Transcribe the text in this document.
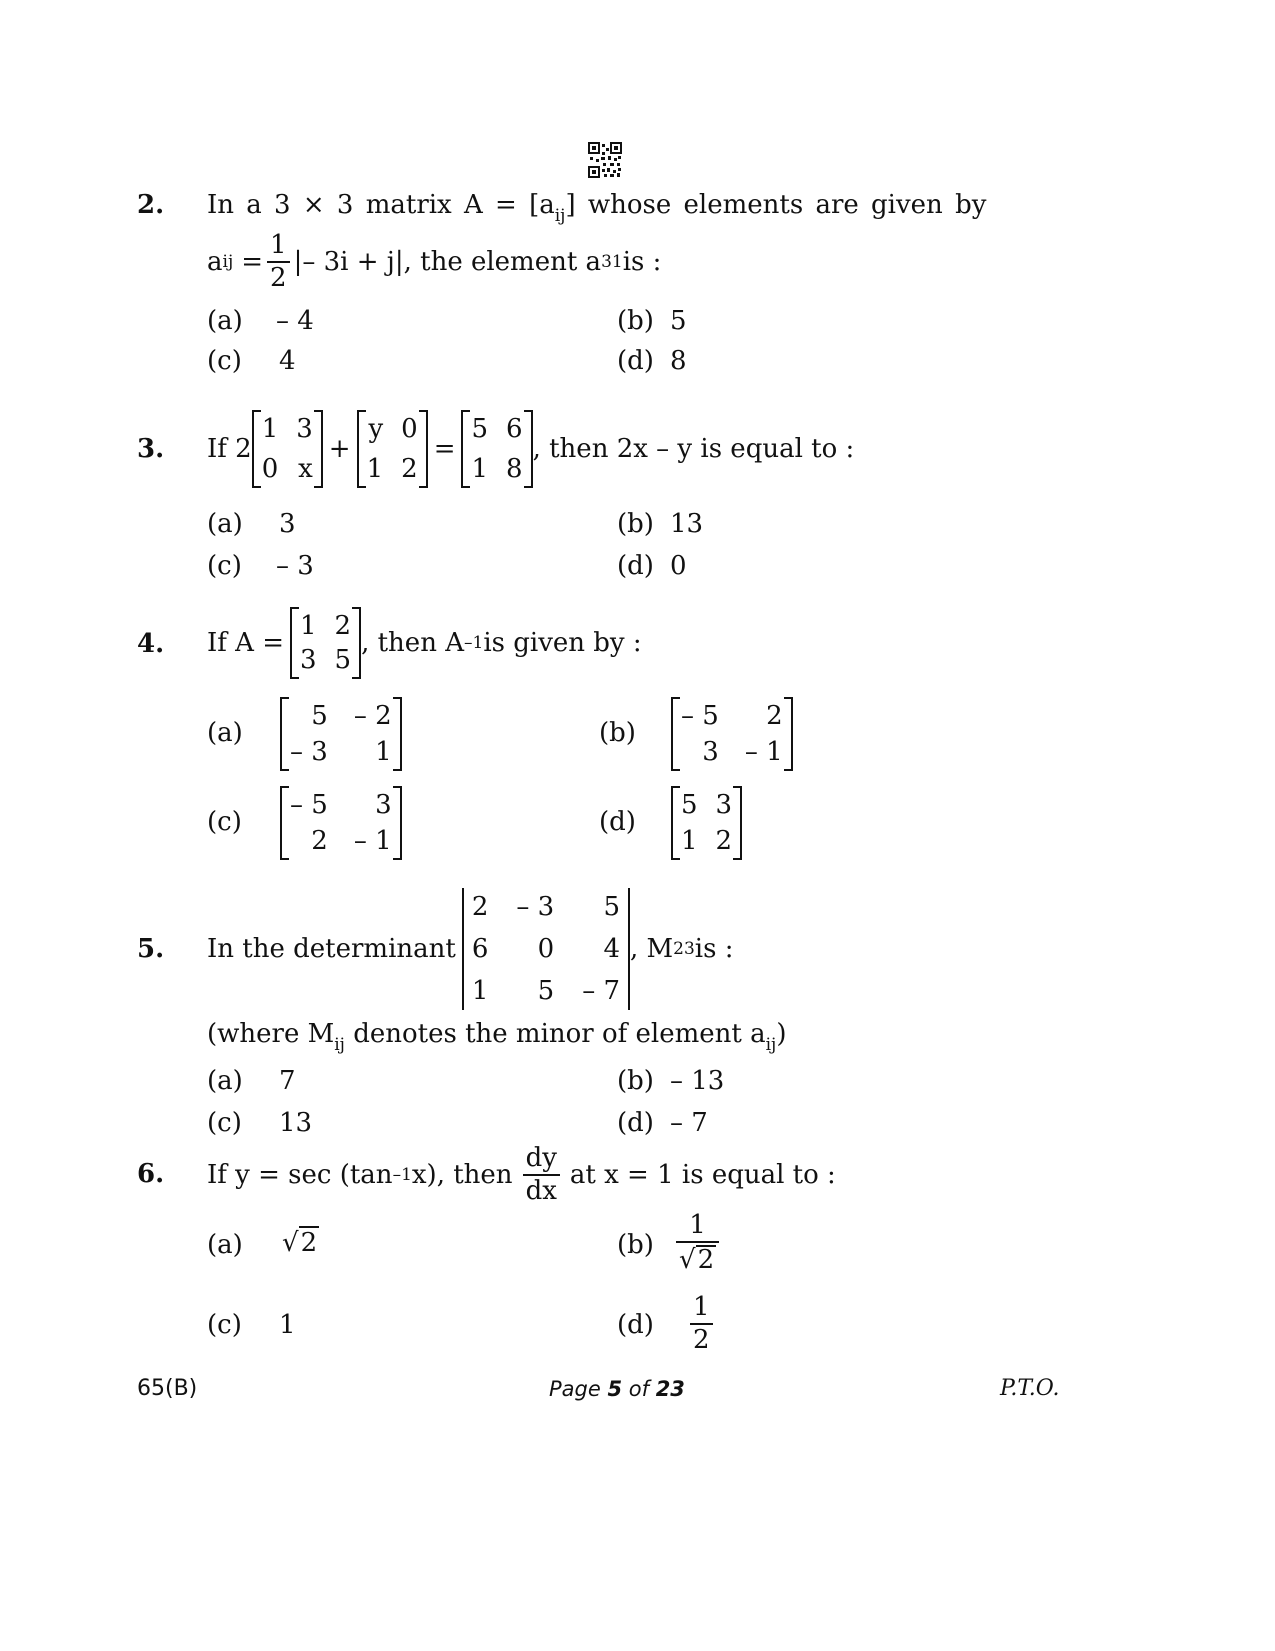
2. In a 3 × 3 matrix $A = [a_{ij}]$ whose elements are given by
a ij = $\frac{1}{2}$ |– 3i + j|, the element a 31 is :
(a) – 4	(b) 5
(c) 4	(d) 8
3. If 2
1 3
0 x
+
y 0
1 2
=
5 6
1 8
, then 2x – y is equal to :
(a) 3	(b) 13
(c) – 3	(d) 0
4. If A =
1 2
3 5
, then A –1 is given by :
(a)
5 – 2
– 3	1
(b)
– 5	2
3 – 1
(c)
– 5	3
2 – 1
(d)
5 3
1 2
5. In the determinant
2 – 3	5
6	0	4
1	5 – 7
, M 23 is :
(where $M_{ij}$ denotes the minor of element $a_{ij}$)
(a) 7	(b) – 13
(c) 13	(d) – 7
6. If y = sec (tan –1 x), then $\frac{dy}{dx}$ at x = 1 is equal to :
(a) √ 2	$(b) \frac{1}{√ 2}$
(c) 1	$(d) \frac{1}{2}$
65(B)	Page 5 of 23	P.T.O.
